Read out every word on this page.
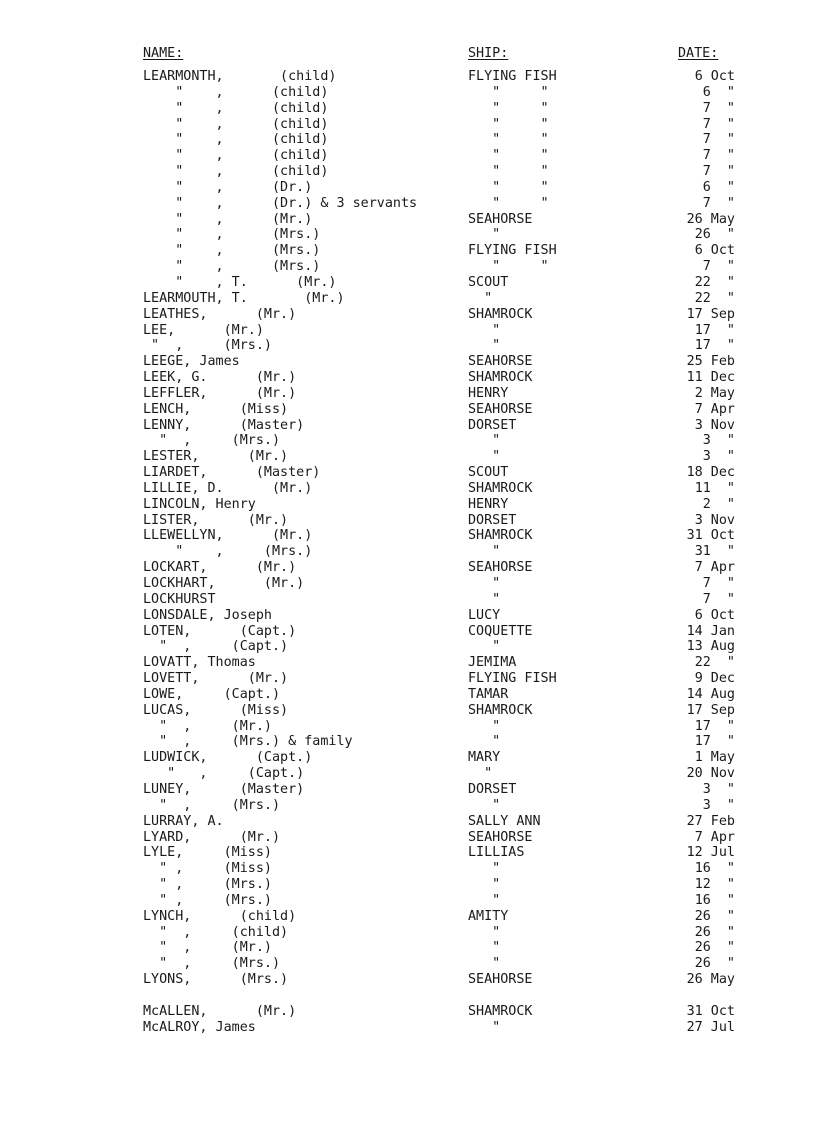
NAME:	SHIP:	DATE:
LEARMONTH,       (child)	FLYING FISH	6 Oct
"    ,      (child)	"     "	6  "
"    ,      (child)	"     "	7  "
"    ,      (child)	"     "	7  "
"    ,      (child)	"     "	7  "
"    ,      (child)	"     "	7  "
"    ,      (child)	"     "	7  "
"    ,      (Dr.)	"     "	6  "
"    ,      (Dr.) & 3 servants	"     "	7  "
"    ,      (Mr.)	SEAHORSE	26 May
"    ,      (Mrs.)	"	26  "
"    ,      (Mrs.)	FLYING FISH	6 Oct
"    ,      (Mrs.)	"     "	7  "
"    , T.      (Mr.)	SCOUT	22  "
LEARMOUTH, T.       (Mr.)	"	22  "
LEATHES,      (Mr.)	SHAMROCK	17 Sep
LEE,      (Mr.)	"	17  "
"  ,     (Mrs.)	"	17  "
LEEGE, James	SEAHORSE	25 Feb
LEEK, G.      (Mr.)	SHAMROCK	11 Dec
LEFFLER,      (Mr.)	HENRY	2 May
LENCH,      (Miss)	SEAHORSE	7 Apr
LENNY,      (Master)	DORSET	3 Nov
"  ,     (Mrs.)	"	3  "
LESTER,      (Mr.)	"	3  "
LIARDET,      (Master)	SCOUT	18 Dec
LILLIE, D.      (Mr.)	SHAMROCK	11  "
LINCOLN, Henry	HENRY	2  "
LISTER,      (Mr.)	DORSET	3 Nov
LLEWELLYN,      (Mr.)	SHAMROCK	31 Oct
"    ,     (Mrs.)	"	31  "
LOCKART,      (Mr.)	SEAHORSE	7 Apr
LOCKHART,      (Mr.)	"	7  "
LOCKHURST	"	7  "
LONSDALE, Joseph	LUCY	6 Oct
LOTEN,      (Capt.)	COQUETTE	14 Jan
"  ,     (Capt.)	"	13 Aug
LOVATT, Thomas	JEMIMA	22  "
LOVETT,      (Mr.)	FLYING FISH	9 Dec
LOWE,     (Capt.)	TAMAR	14 Aug
LUCAS,      (Miss)	SHAMROCK	17 Sep
"  ,     (Mr.)	"	17  "
"  ,     (Mrs.) & family	"	17  "
LUDWICK,      (Capt.)	MARY	1 May
"   ,     (Capt.)	"	20 Nov
LUNEY,      (Master)	DORSET	3  "
"  ,     (Mrs.)	"	3  "
LURRAY, A.	SALLY ANN	27 Feb
LYARD,      (Mr.)	SEAHORSE	7 Apr
LYLE,     (Miss)	LILLIAS	12 Jul
" ,     (Miss)	"	16  "
" ,     (Mrs.)	"	12  "
" ,     (Mrs.)	"	16  "
LYNCH,      (child)	AMITY	26  "
"  ,     (child)	"	26  "
"  ,     (Mr.)	"	26  "
"  ,     (Mrs.)	"	26  "
LYONS,      (Mrs.)	SEAHORSE	26 May
McALLEN,      (Mr.)	SHAMROCK	31 Oct
McALROY, James	"	27 Jul
